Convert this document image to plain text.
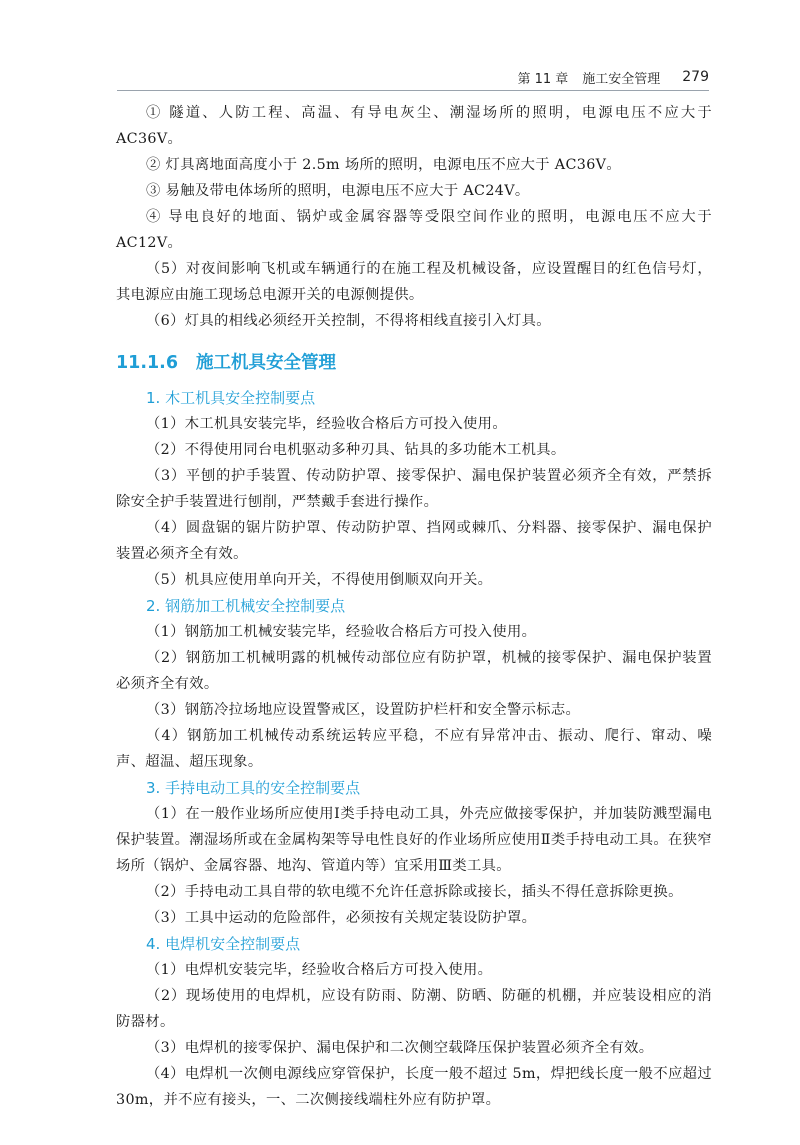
第 11 章 施工安全管理 279

① 隧道、人防工程、高温、有导电灰尘、潮湿场所的照明，电源电压不应大于AC36V。

② 灯具离地面高度小于 2.5m 场所的照明，电源电压不应大于 AC36V。

③ 易触及带电体场所的照明，电源电压不应大于 AC24V。

④ 导电良好的地面、锅炉或金属容器等受限空间作业的照明，电源电压不应大于AC12V。

（5）对夜间影响飞机或车辆通行的在施工程及机械设备，应设置醒目的红色信号灯，其电源应由施工现场总电源开关的电源侧提供。

（6）灯具的相线必须经开关控制，不得将相线直接引入灯具。

11.1.6 施工机具安全管理

1. 木工机具安全控制要点

（1）木工机具安装完毕，经验收合格后方可投入使用。

（2）不得使用同台电机驱动多种刃具、钻具的多功能木工机具。

（3）平刨的护手装置、传动防护罩、接零保护、漏电保护装置必须齐全有效，严禁拆除安全护手装置进行刨削，严禁戴手套进行操作。

（4）圆盘锯的锯片防护罩、传动防护罩、挡网或棘爪、分料器、接零保护、漏电保护装置必须齐全有效。

（5）机具应使用单向开关，不得使用倒顺双向开关。

2. 钢筋加工机械安全控制要点

（1）钢筋加工机械安装完毕，经验收合格后方可投入使用。

（2）钢筋加工机械明露的机械传动部位应有防护罩，机械的接零保护、漏电保护装置必须齐全有效。

（3）钢筋冷拉场地应设置警戒区，设置防护栏杆和安全警示标志。

（4）钢筋加工机械传动系统运转应平稳，不应有异常冲击、振动、爬行、窜动、噪声、超温、超压现象。

3. 手持电动工具的安全控制要点

（1）在一般作业场所应使用Ⅰ类手持电动工具，外壳应做接零保护，并加装防溅型漏电保护装置。潮湿场所或在金属构架等导电性良好的作业场所应使用Ⅱ类手持电动工具。在狭窄场所（锅炉、金属容器、地沟、管道内等）宜采用Ⅲ类工具。

（2）手持电动工具自带的软电缆不允许任意拆除或接长，插头不得任意拆除更换。

（3）工具中运动的危险部件，必须按有关规定装设防护罩。

4. 电焊机安全控制要点

（1）电焊机安装完毕，经验收合格后方可投入使用。

（2）现场使用的电焊机，应设有防雨、防潮、防晒、防砸的机棚，并应装设相应的消防器材。

（3）电焊机的接零保护、漏电保护和二次侧空载降压保护装置必须齐全有效。

（4）电焊机一次侧电源线应穿管保护，长度一般不超过 5m，焊把线长度一般不应超过 30m，并不应有接头，一、二次侧接线端柱外应有防护罩。
